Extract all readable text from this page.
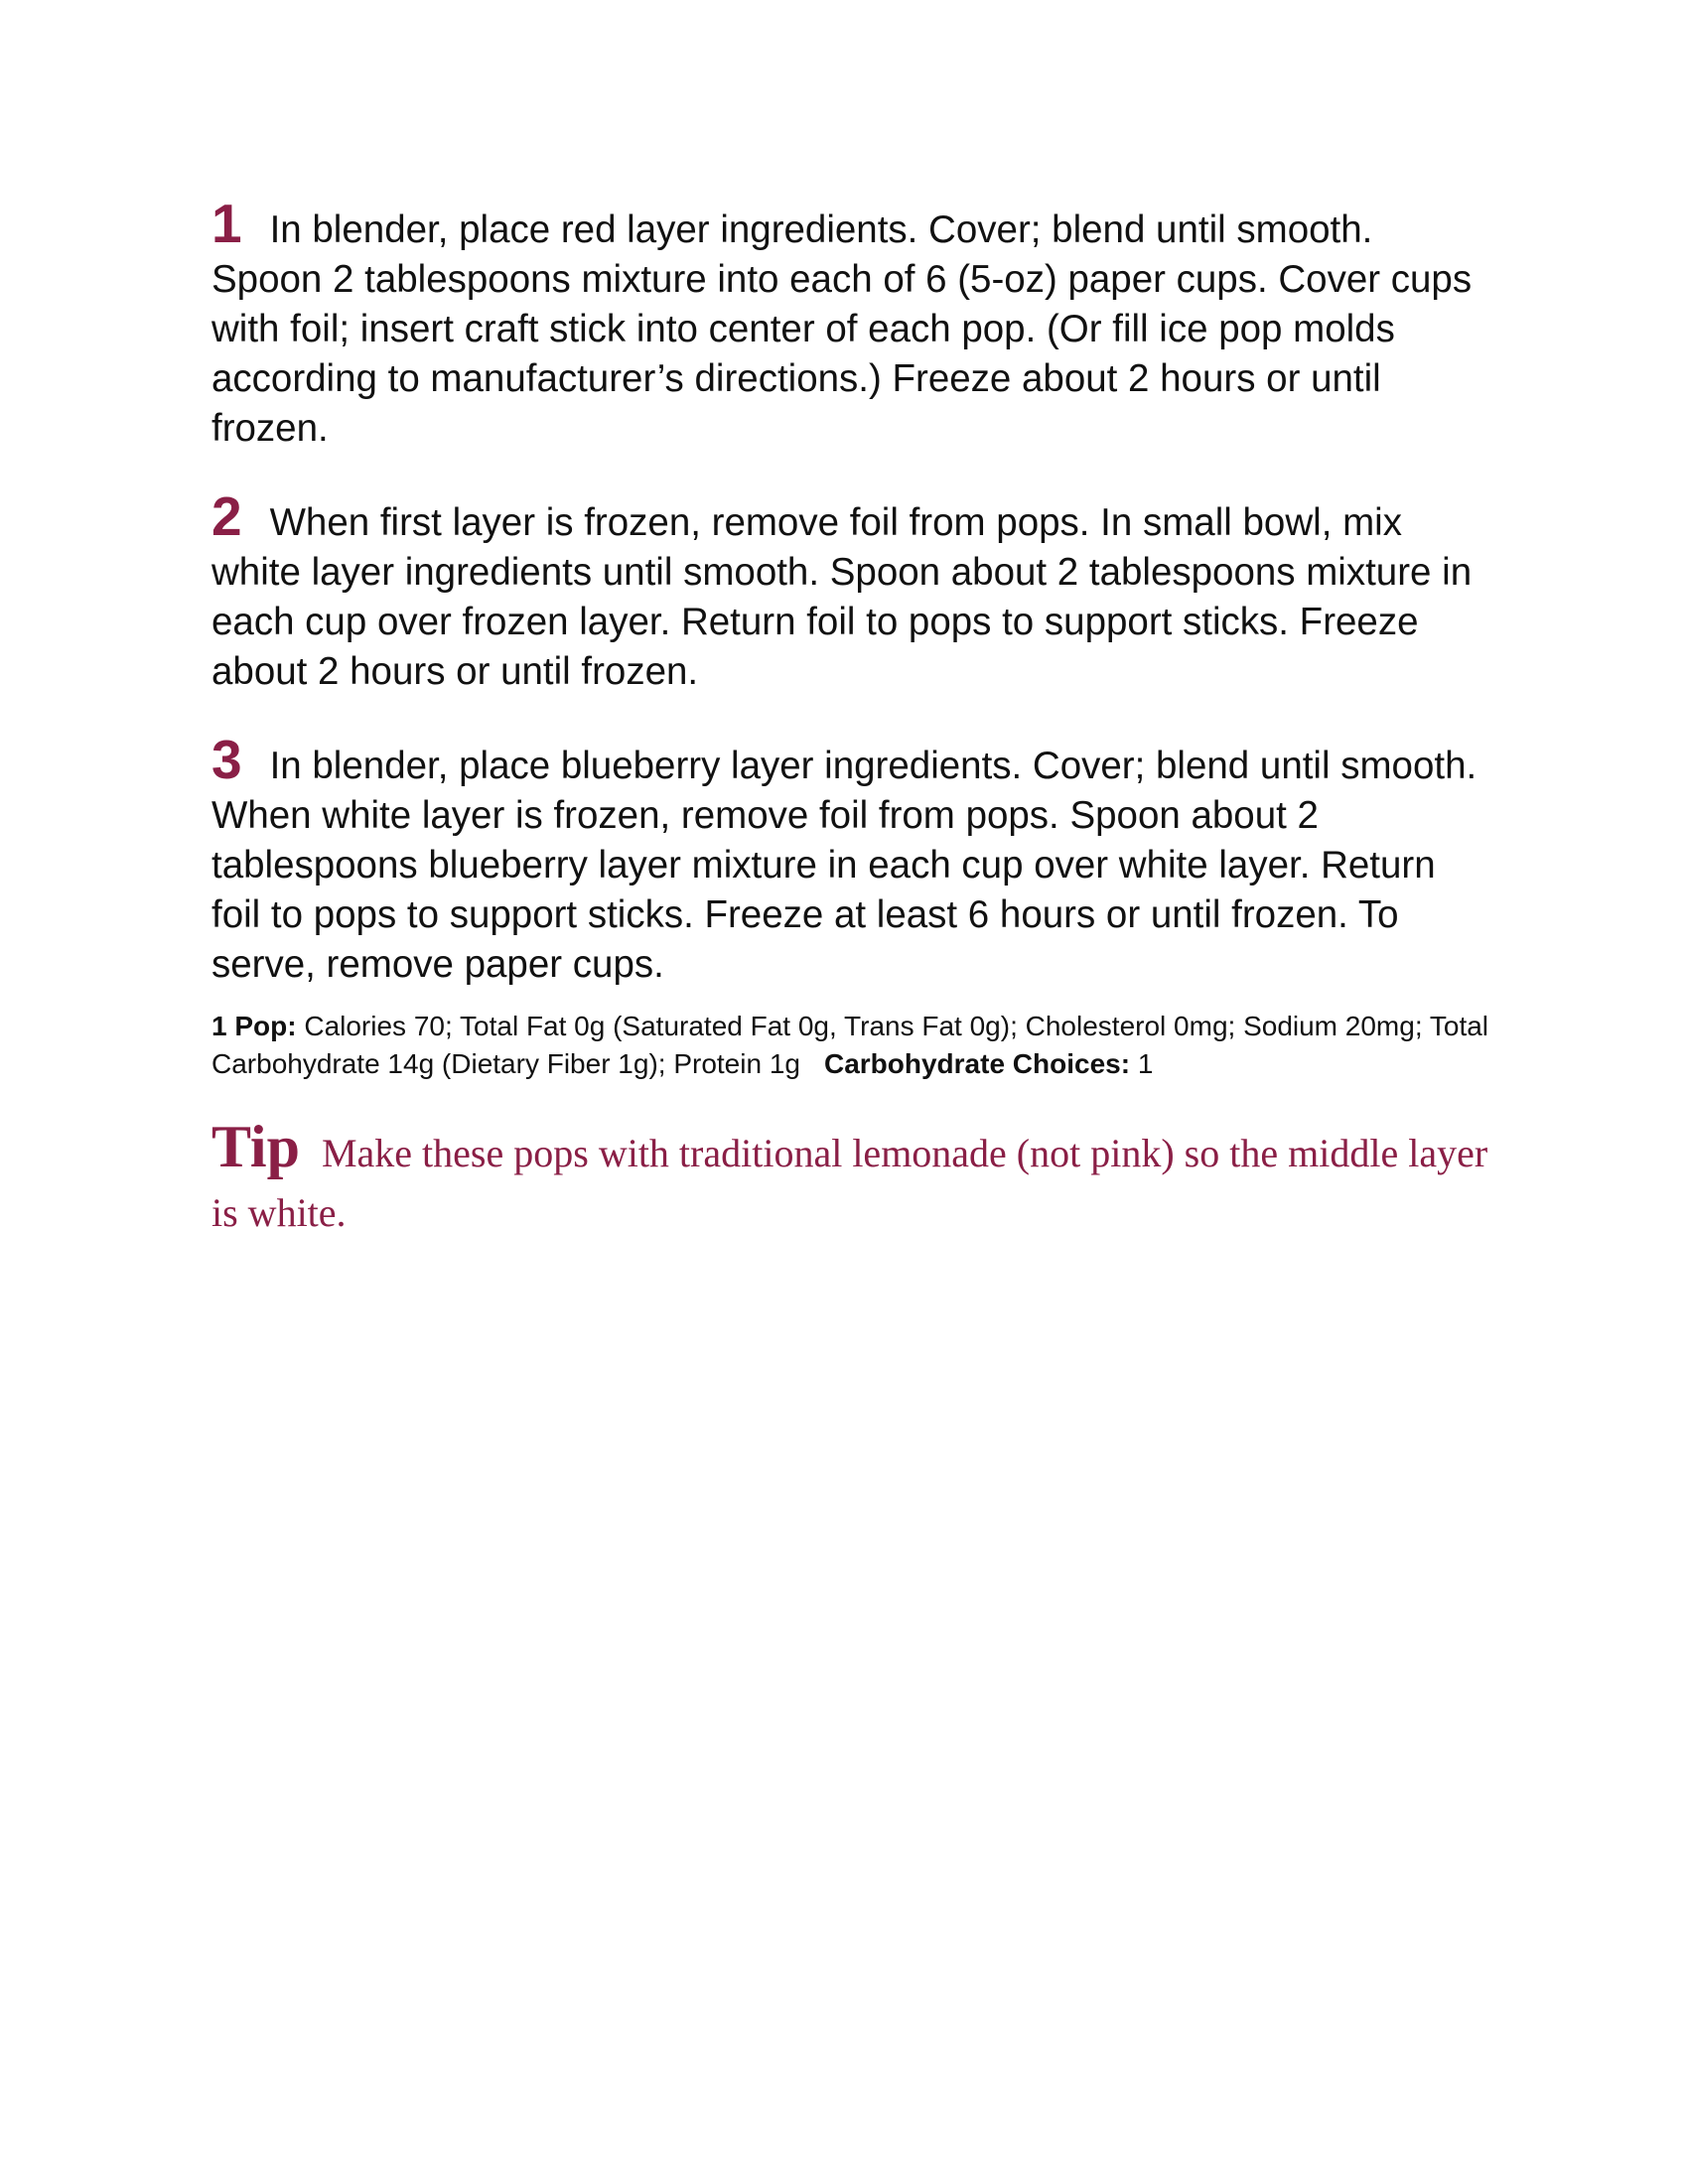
1 In blender, place red layer ingredients. Cover; blend until smooth. Spoon 2 tablespoons mixture into each of 6 (5-oz) paper cups. Cover cups with foil; insert craft stick into center of each pop. (Or fill ice pop molds according to manufacturer’s directions.) Freeze about 2 hours or until frozen.

2 When first layer is frozen, remove foil from pops. In small bowl, mix white layer ingredients until smooth. Spoon about 2 tablespoons mixture in each cup over frozen layer. Return foil to pops to support sticks. Freeze about 2 hours or until frozen.

3 In blender, place blueberry layer ingredients. Cover; blend until smooth. When white layer is frozen, remove foil from pops. Spoon about 2 tablespoons blueberry layer mixture in each cup over white layer. Return foil to pops to support sticks. Freeze at least 6 hours or until frozen. To serve, remove paper cups.

1 Pop: Calories 70; Total Fat 0g (Saturated Fat 0g, Trans Fat 0g); Cholesterol 0mg; Sodium 20mg; Total Carbohydrate 14g (Dietary Fiber 1g); Protein 1g Carbohydrate Choices: 1

Tip Make these pops with traditional lemonade (not pink) so the middle layer is white.
